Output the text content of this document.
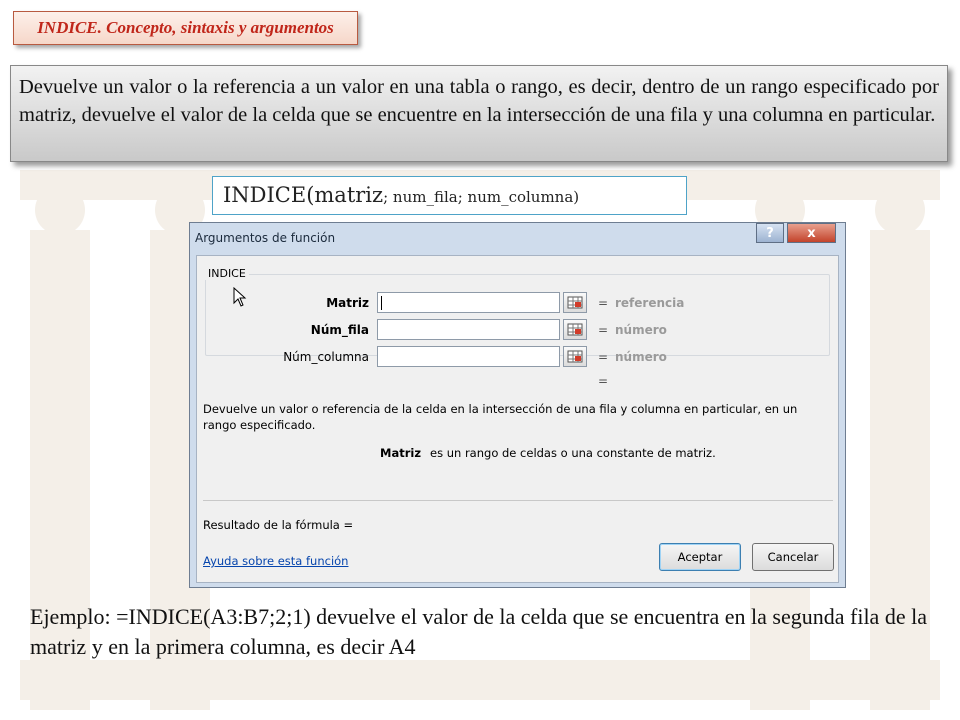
INDICE. Concepto, sintaxis y argumentos
Devuelve un valor o la referencia a un valor en una tabla o rango, es decir, dentro de un rango especificado por matriz, devuelve el valor de la celda que se encuentre en la intersección de una fila y una columna en particular.
INDICE(matriz; num_fila; num_columna)
Argumentos de función	?	x
INDICE
Matriz	= referencia
Núm_fila	= número
Núm_columna	= número
=
Devuelve un valor o referencia de la celda en la intersección de una fila y columna en particular, en un rango especificado.
Matriz es un rango de celdas o una constante de matriz.
Resultado de la fórmula =
Ayuda sobre esta función	Aceptar	Cancelar
Ejemplo: =INDICE(A3:B7;2;1) devuelve el valor de la celda que se encuentra en la segunda fila de la matriz y en la primera columna, es decir A4
